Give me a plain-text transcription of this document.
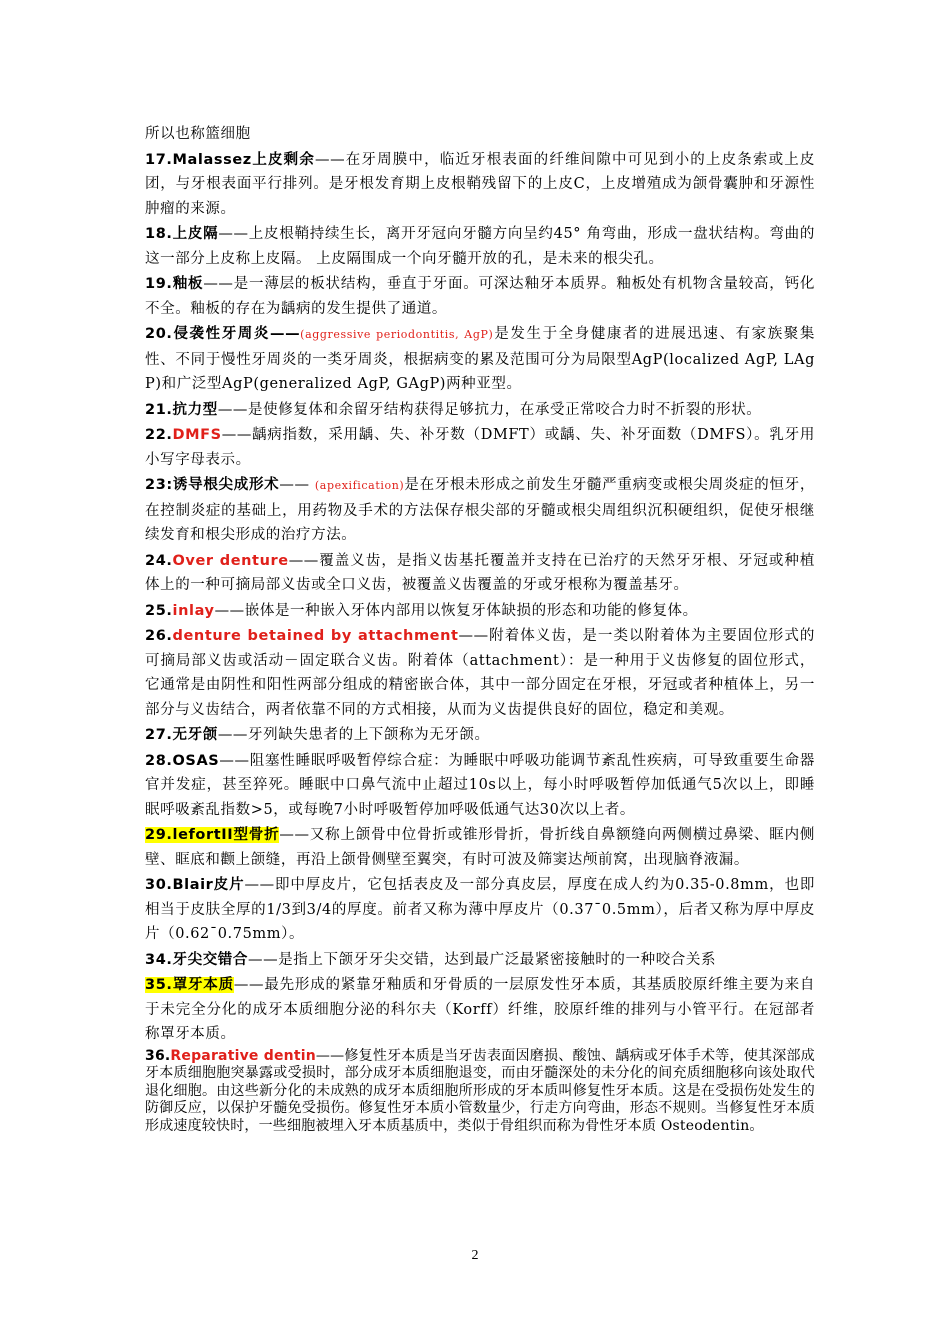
所以也称篮细胞

17.Malassez上皮剩余——在牙周膜中，临近牙根表面的纤维间隙中可见到小的上皮条索或上皮团，与牙根表面平行排列。是牙根发育期上皮根鞘残留下的上皮C，上皮增殖成为颌骨囊肿和牙源性肿瘤的来源。

18.上皮隔——上皮根鞘持续生长，离开牙冠向牙髓方向呈约45° 角弯曲，形成一盘状结构。弯曲的这一部分上皮称上皮隔。 上皮隔围成一个向牙髓开放的孔，是未来的根尖孔。

19.釉板——是一薄层的板状结构，垂直于牙面。可深达釉牙本质界。釉板处有机物含量较高，钙化不全。釉板的存在为龋病的发生提供了通道。

20.侵袭性牙周炎——(aggressive periodontitis, AgP)是发生于全身健康者的进展迅速、有家族聚集性、不同于慢性牙周炎的一类牙周炎，根据病变的累及范围可分为局限型AgP(localized AgP, LAgP)和广泛型AgP(generalized AgP, GAgP)两种亚型。

21.抗力型——是使修复体和余留牙结构获得足够抗力，在承受正常咬合力时不折裂的形状。

22.DMFS——龋病指数，采用龋、失、补牙数（DMFT）或龋、失、补牙面数（DMFS）。乳牙用小写字母表示。

23:诱导根尖成形术—— (apexification)是在牙根未形成之前发生牙髓严重病变或根尖周炎症的恒牙，在控制炎症的基础上，用药物及手术的方法保存根尖部的牙髓或根尖周组织沉积硬组织，促使牙根继续发育和根尖形成的治疗方法。

24.Over denture——覆盖义齿，是指义齿基托覆盖并支持在已治疗的天然牙牙根、牙冠或种植体上的一种可摘局部义齿或全口义齿，被覆盖义齿覆盖的牙或牙根称为覆盖基牙。

25.inlay——嵌体是一种嵌入牙体内部用以恢复牙体缺损的形态和功能的修复体。

26.denture betained by attachment——附着体义齿，是一类以附着体为主要固位形式的可摘局部义齿或活动－固定联合义齿。附着体（attachment）：是一种用于义齿修复的固位形式，它通常是由阴性和阳性两部分组成的精密嵌合体，其中一部分固定在牙根，牙冠或者种植体上，另一部分与义齿结合，两者依靠不同的方式相接，从而为义齿提供良好的固位，稳定和美观。

27.无牙颌——牙列缺失患者的上下颌称为无牙颌。

28.OSAS——阻塞性睡眠呼吸暂停综合症：为睡眠中呼吸功能调节紊乱性疾病，可导致重要生命器官并发症，甚至猝死。睡眠中口鼻气流中止超过10s以上，每小时呼吸暂停加低通气5次以上，即睡眠呼吸紊乱指数>5，或每晚7小时呼吸暂停加呼吸低通气达30次以上者。

29.lefortII型骨折——又称上颌骨中位骨折或锥形骨折，骨折线自鼻额缝向两侧横过鼻梁、眶内侧壁、眶底和颧上颌缝，再沿上颌骨侧壁至翼突，有时可波及筛窦达颅前窝，出现脑脊液漏。

30.Blair皮片——即中厚皮片，它包括表皮及一部分真皮层，厚度在成人约为0.35-0.8mm，也即相当于皮肤全厚的1/3到3/4的厚度。前者又称为薄中厚皮片（0.37¯0.5mm），后者又称为厚中厚皮片（0.62¯0.75mm）。

34.牙尖交错合——是指上下颌牙牙尖交错，达到最广泛最紧密接触时的一种咬合关系

35.罩牙本质——最先形成的紧靠牙釉质和牙骨质的一层原发性牙本质，其基质胶原纤维主要为来自于未完全分化的成牙本质细胞分泌的科尔夫（Korff）纤维，胶原纤维的排列与小管平行。在冠部者称罩牙本质。

36.Reparative dentin——修复性牙本质是当牙齿表面因磨损、酸蚀、龋病或牙体手术等，使其深部成牙本质细胞胞突暴露或受损时，部分成牙本质细胞退变，而由牙髓深处的未分化的间充质细胞移向该处取代退化细胞。由这些新分化的未成熟的成牙本质细胞所形成的牙本质叫修复性牙本质。这是在受损伤处发生的防御反应，以保护牙髓免受损伤。修复性牙本质小管数量少，行走方向弯曲，形态不规则。当修复性牙本质形成速度较快时，一些细胞被埋入牙本质基质中，类似于骨组织而称为骨性牙本质 Osteodentin。

2
